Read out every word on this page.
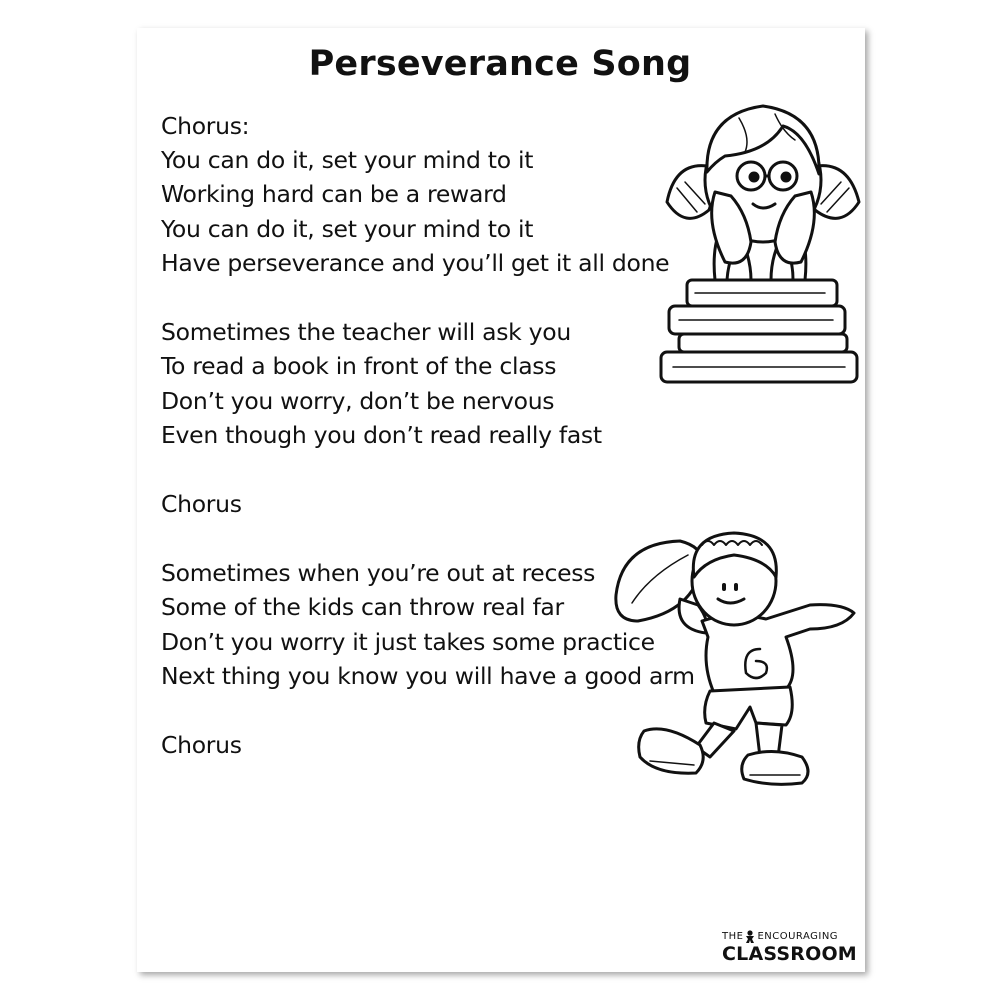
Perseverance Song
Chorus:
You can do it, set your mind to it
Working hard can be a reward
You can do it, set your mind to it
Have perseverance and you’ll get it all done
Sometimes the teacher will ask you
To read a book in front of the class
Don’t you worry, don’t be nervous
Even though you don’t read really fast
Chorus
Sometimes when you’re out at recess
Some of the kids can throw real far
Don’t you worry it just takes some practice
Next thing you know you will have a good arm
Chorus
THE ENCOURAGING
CLASSROOM
